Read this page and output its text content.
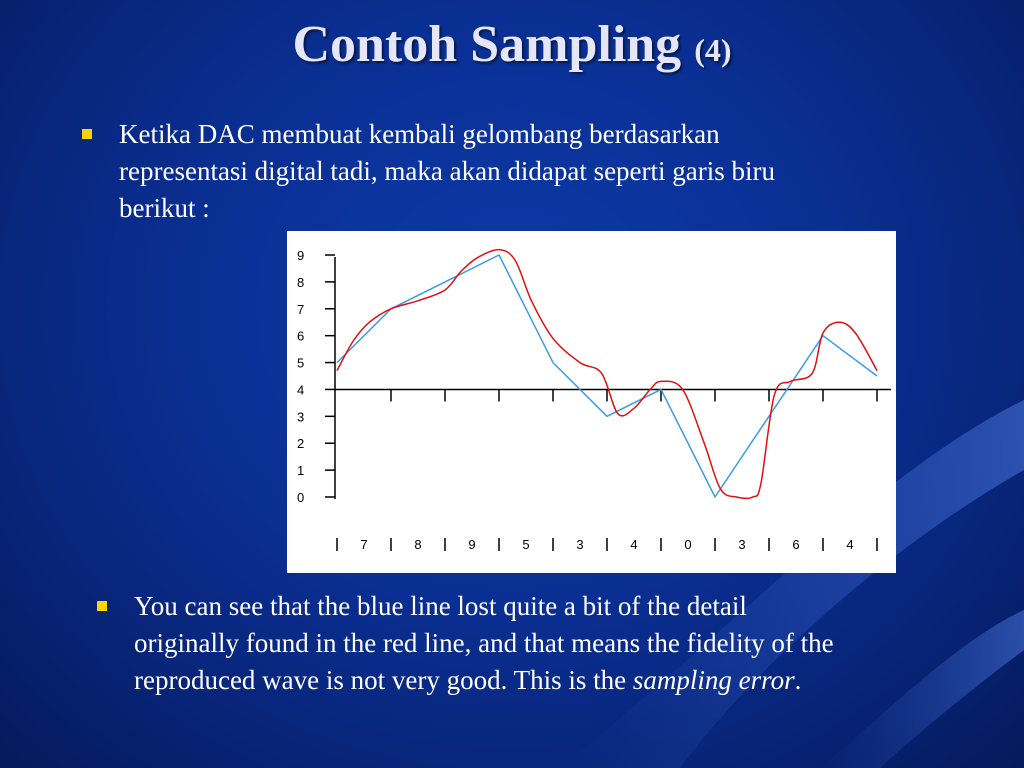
Contoh Sampling (4)
Ketika DAC membuat kembali gelombang berdasarkan representasi digital tadi, maka akan didapat seperti garis biru berikut :
0
1
2
3
4
5
6
7
8
9
7	8	9	5	3	4	0	3	6	4
You can see that the blue line lost quite a bit of the detail originally found in the red line, and that means the fidelity of the reproduced wave is not very good. This is the sampling error.
